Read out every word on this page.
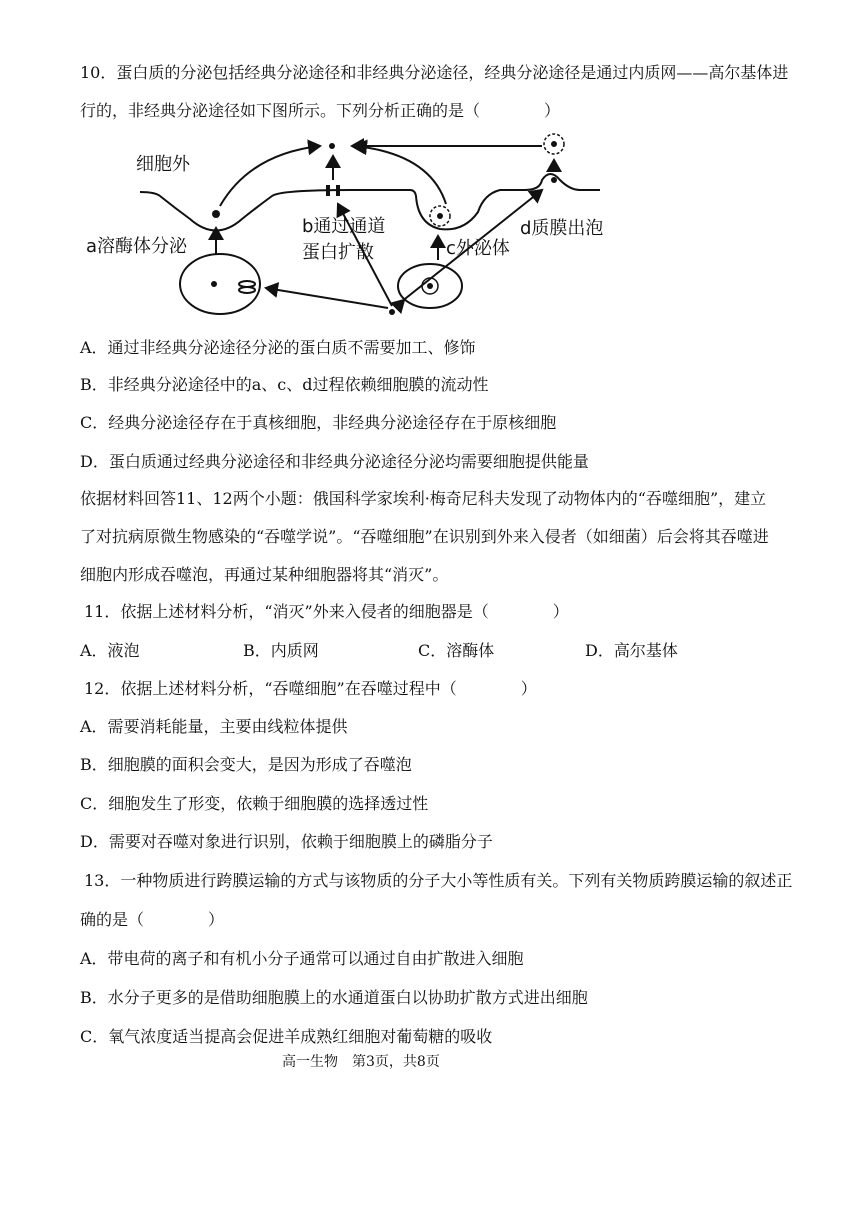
10．蛋白质的分泌包括经典分泌途径和非经典分泌途径，经典分泌途径是通过内质网——高尔基体进
行的，非经典分泌途径如下图所示。下列分析正确的是（　　　　）
细胞外
a溶酶体分泌
b通过通道
蛋白扩散	c外泌体
d质膜出泡
A．通过非经典分泌途径分泌的蛋白质不需要加工、修饰
B．非经典分泌途径中的a、c、d过程依赖细胞膜的流动性
C．经典分泌途径存在于真核细胞，非经典分泌途径存在于原核细胞
D．蛋白质通过经典分泌途径和非经典分泌途径分泌均需要细胞提供能量
依据材料回答11、12两个小题：俄国科学家埃利·梅奇尼科夫发现了动物体内的“吞噬细胞”，建立
了对抗病原微生物感染的“吞噬学说”。“吞噬细胞”在识别到外来入侵者（如细菌）后会将其吞噬进
细胞内形成吞噬泡，再通过某种细胞器将其“消灭”。
11．依据上述材料分析，“消灭”外来入侵者的细胞器是（　　　　）
A．液泡	B．内质网	C．溶酶体	D．高尔基体
12．依据上述材料分析，“吞噬细胞”在吞噬过程中（　　　　）
A．需要消耗能量，主要由线粒体提供
B．细胞膜的面积会变大，是因为形成了吞噬泡
C．细胞发生了形变，依赖于细胞膜的选择透过性
D．需要对吞噬对象进行识别，依赖于细胞膜上的磷脂分子
13．一种物质进行跨膜运输的方式与该物质的分子大小等性质有关。下列有关物质跨膜运输的叙述正
确的是（　　　　）
A．带电荷的离子和有机小分子通常可以通过自由扩散进入细胞
B．水分子更多的是借助细胞膜上的水通道蛋白以协助扩散方式进出细胞
C．氧气浓度适当提高会促进羊成熟红细胞对葡萄糖的吸收
高一生物　第3页，共8页
